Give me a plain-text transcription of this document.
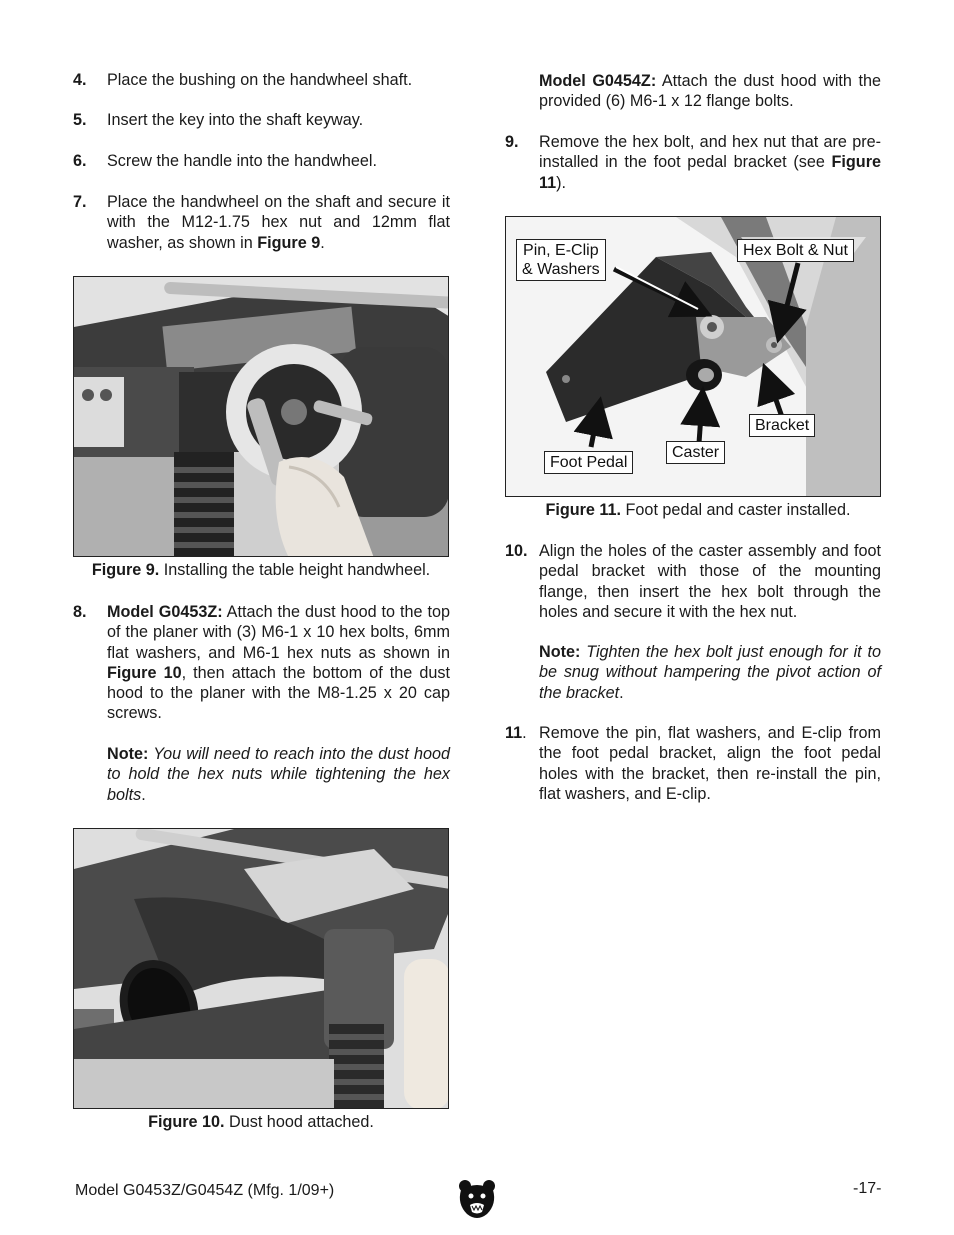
4. Place the bushing on the handwheel shaft.
5. Insert the key into the shaft keyway.
6. Screw the handle into the handwheel.
7. Place the handwheel on the shaft and secure it with the M12-1.75 hex nut and 12mm flat washer, as shown in Figure 9.
Figure 9. Installing the table height handwheel.
8. Model G0453Z: Attach the dust hood to the top of the planer with (3) M6-1 x 10 hex bolts, 6mm flat washers, and M6-1 hex nuts as shown in Figure 10, then attach the bottom of the dust hood to the planer with the M8-1.25 x 20 cap screws.
Note: You will need to reach into the dust hood to hold the hex nuts while tightening the hex bolts.
Figure 10. Dust hood attached.
Model G0454Z: Attach the dust hood with the provided (6) M6-1 x 12 flange bolts.
9. Remove the hex bolt, and hex nut that are pre-installed in the foot pedal bracket (see Figure 11).
Pin, E-Clip
& Washers
Hex Bolt & Nut
Bracket
Caster
Foot Pedal
Figure 11. Foot pedal and caster installed.
10. Align the holes of the caster assembly and foot pedal bracket with those of the mounting flange, then insert the hex bolt through the holes and secure it with the hex nut.
Note: Tighten the hex bolt just enough for it to be snug without hampering the pivot action of the bracket.
11. Remove the pin, flat washers, and E-clip from the foot pedal bracket, align the foot pedal holes with the bracket, then re-install the pin, flat washers, and E-clip.
Model G0453Z/G0454Z (Mfg. 1/09+)	-17-
